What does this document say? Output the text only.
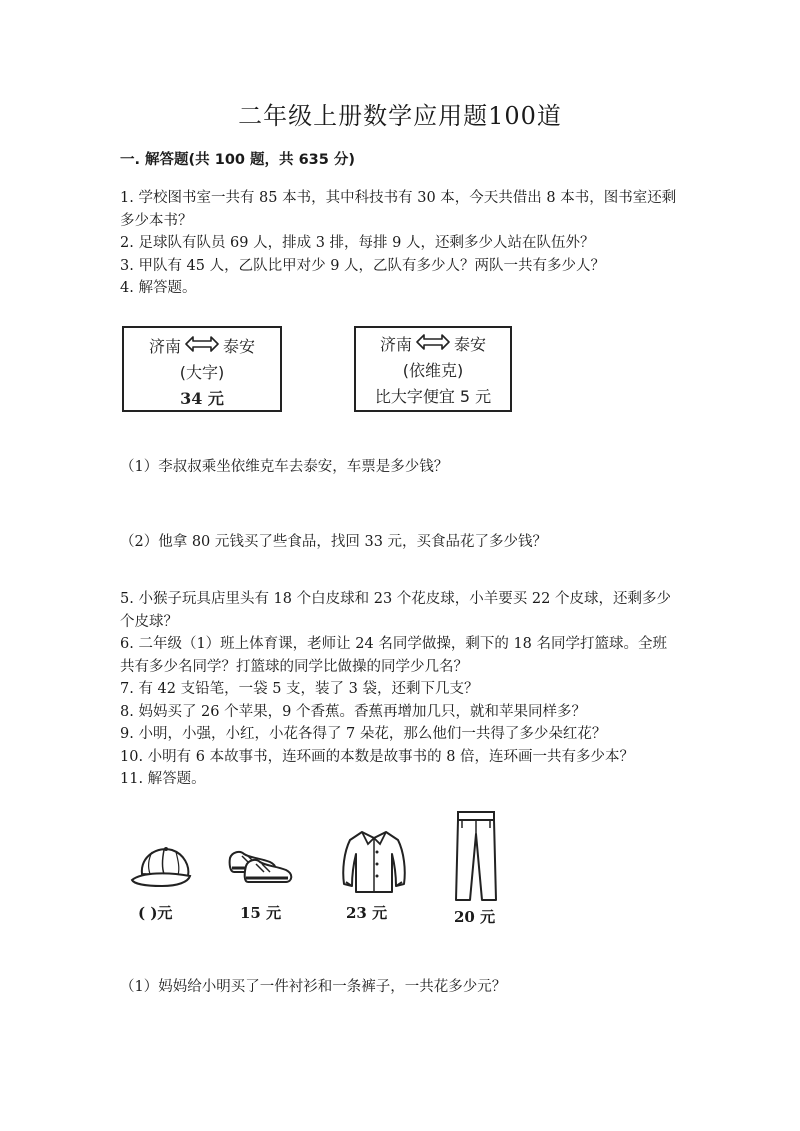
二年级上册数学应用题100道
一. 解答题(共 100 题，共 635 分)

1. 学校图书室一共有 85 本书，其中科技书有 30 本，今天共借出 8 本书，图书室还剩多少本书？

2. 足球队有队员 69 人，排成 3 排，每排 9 人，还剩多少人站在队伍外？

3. 甲队有 45 人，乙队比甲对少 9 人，乙队有多少人？两队一共有多少人？

4. 解答题。

济南	泰安
(大字)
34 元
济南	泰安
(依维克)
比大字便宜 5 元
（1）李叔叔乘坐依维克车去泰安，车票是多少钱？
（2）他拿 80 元钱买了些食品，找回 33 元，买食品花了多少钱？

5. 小猴子玩具店里头有 18 个白皮球和 23 个花皮球，小羊要买 22 个皮球，还剩多少个皮球？

6. 二年级（1）班上体育课，老师让 24 名同学做操，剩下的 18 名同学打篮球。全班共有多少名同学？打篮球的同学比做操的同学少几名？

7. 有 42 支铅笔，一袋 5 支，装了 3 袋，还剩下几支？

8. 妈妈买了 26 个苹果，9 个香蕉。香蕉再增加几只，就和苹果同样多？

9. 小明，小强，小红，小花各得了 7 朵花，那么他们一共得了多少朵红花？

10. 小明有 6 本故事书，连环画的本数是故事书的 8 倍，连环画一共有多少本？

11. 解答题。

( )元	15 元	23 元	20 元
（1）妈妈给小明买了一件衬衫和一条裤子，一共花多少元？
